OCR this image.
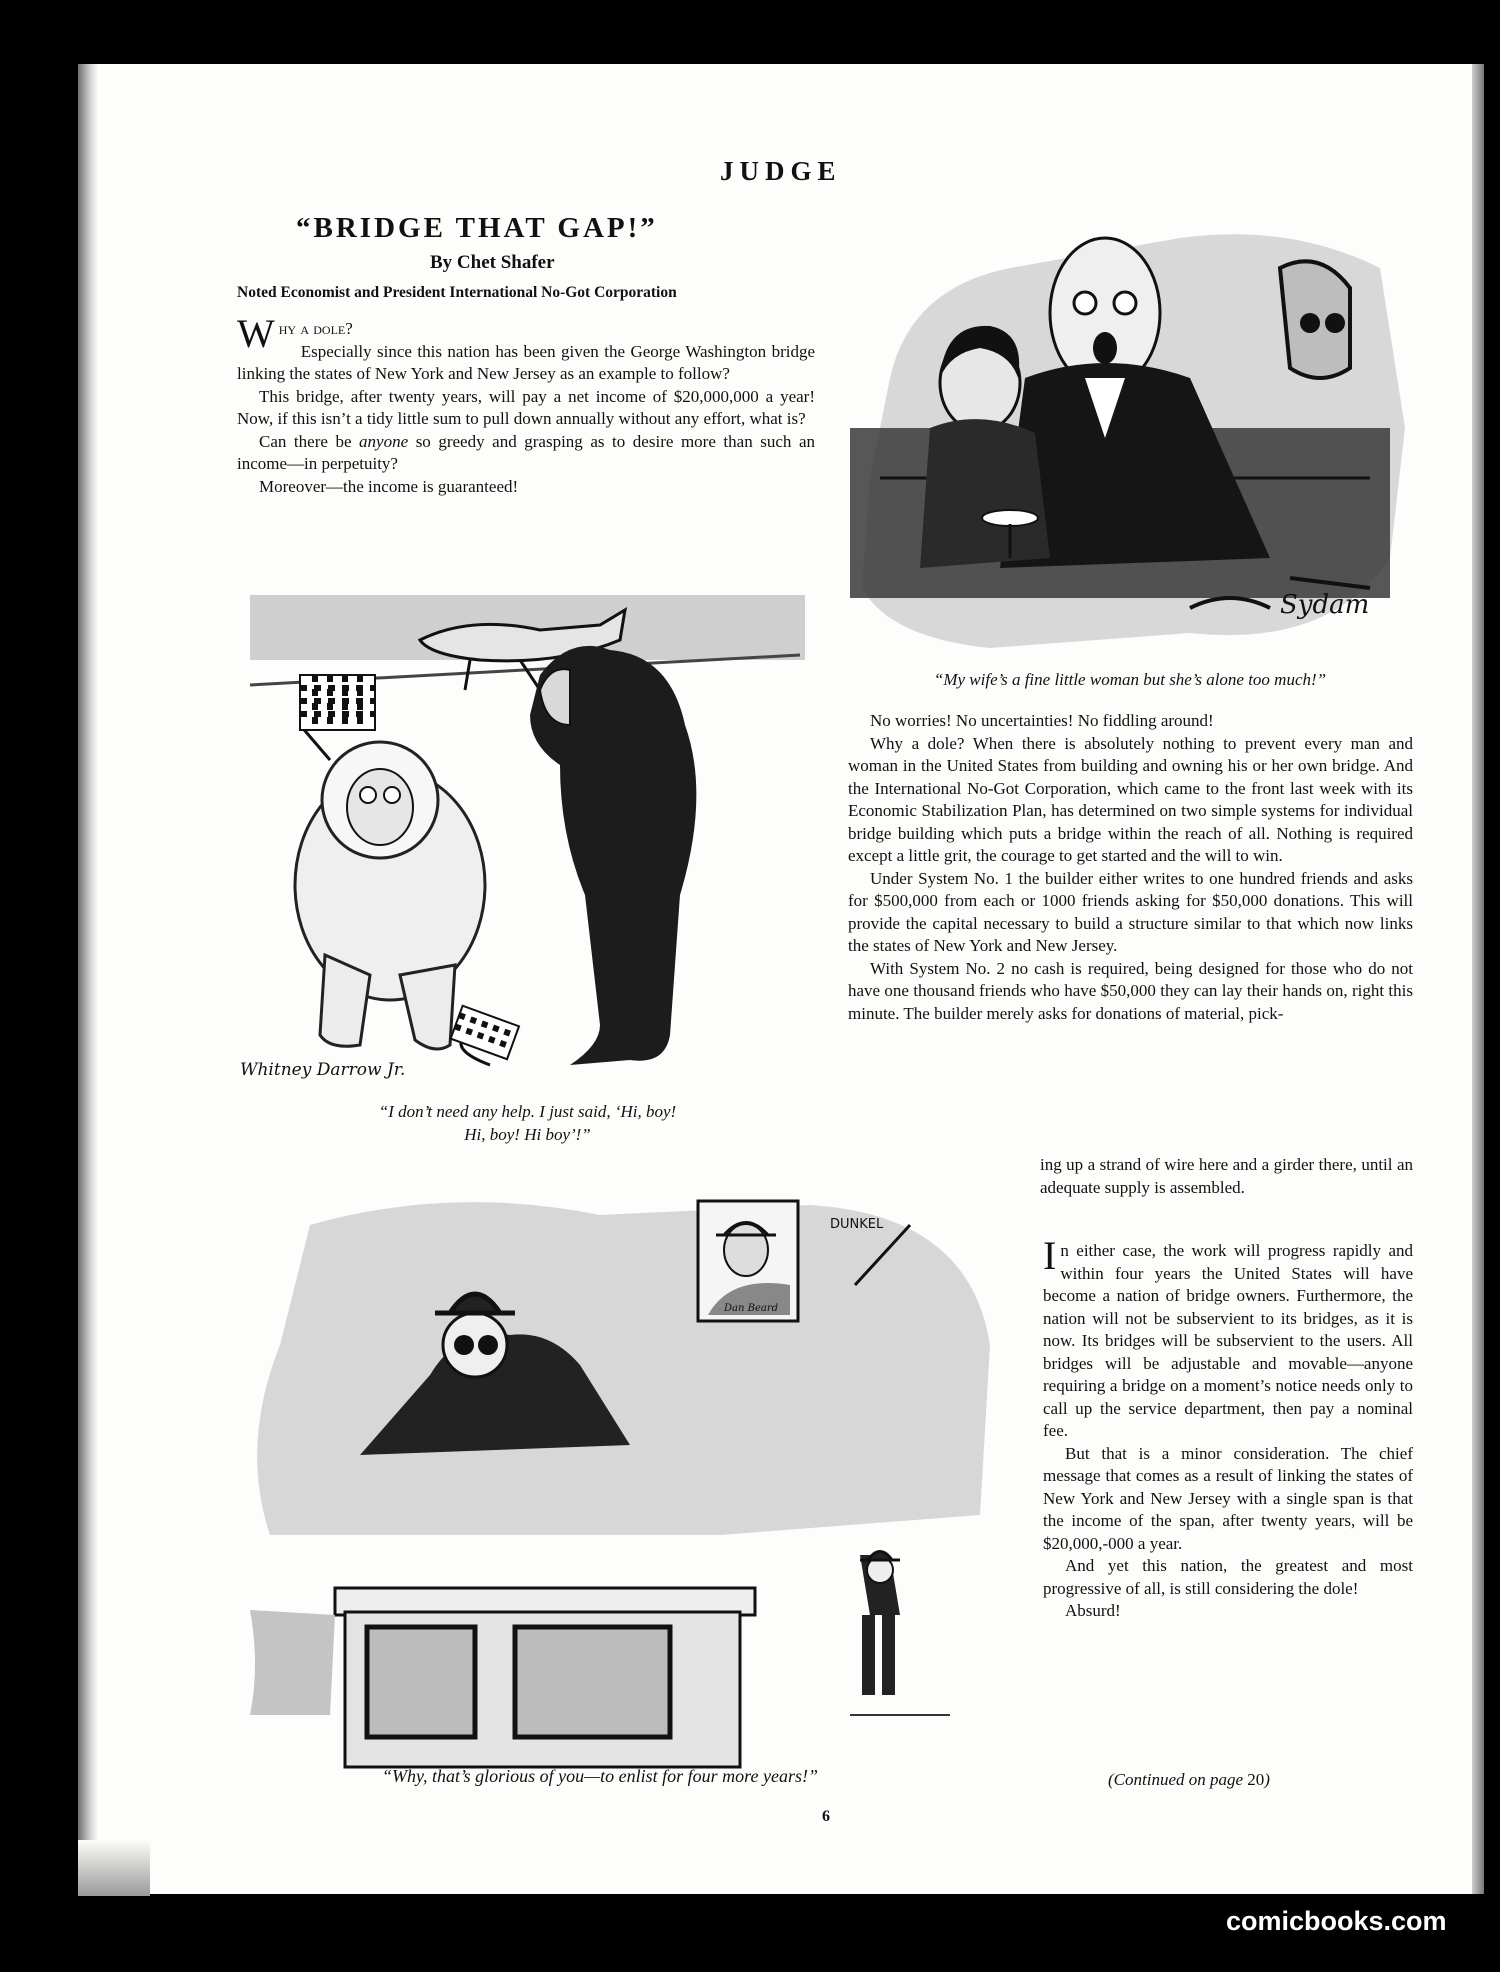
JUDGE
“BRIDGE THAT GAP!”
By Chet Shafer
Noted Economist and President International No-Got Corporation

Why a dole?

Especially since this nation has been given the George Washington bridge linking the states of New York and New Jersey as an example to follow?

This bridge, after twenty years, will pay a net income of $20,000,000 a year! Now, if this isn’t a tidy little sum to pull down annually without any effort, what is?

Can there be anyone so greedy and grasping as to desire more than such an income—in perpetuity?

Moreover—the income is guaranteed!

Sydam
“My wife’s a fine little woman but she’s alone too much!”

No worries! No uncertainties! No fiddling around!

Why a dole? When there is absolutely nothing to prevent every man and woman in the United States from building and owning his or her own bridge. And the International No-Got Corporation, which came to the front last week with its Economic Stabilization Plan, has determined on two simple systems for individual bridge building which puts a bridge within the reach of all. Nothing is required except a little grit, the courage to get started and the will to win.

Under System No. 1 the builder either writes to one hundred friends and asks for $500,000 from each or 1000 friends asking for $50,000 donations. This will provide the capital necessary to build a structure similar to that which now links the states of New York and New Jersey.

With System No. 2 no cash is required, being designed for those who do not have one thousand friends who have $50,000 they can lay their hands on, right this minute. The builder merely asks for donations of material, pick-

ing up a strand of wire here and a girder there, until an adequate supply is assembled.
Whitney Darrow Jr.
“I don’t need any help. I just said, ‘Hi, boy!
Hi, boy! Hi boy’!”
Dan Beard
DUNKEL
“Why, that’s glorious of you—to enlist for four more years!”

In either case, the work will progress rapidly and within four years the United States will have become a nation of bridge owners. Furthermore, the nation will not be subservient to its bridges, as it is now. Its bridges will be subservient to the users. All bridges will be adjustable and movable—anyone requiring a bridge on a moment’s notice needs only to call up the service department, then pay a nominal fee.

But that is a minor consideration. The chief message that comes as a result of linking the states of New York and New Jersey with a single span is that the income of the span, after twenty years, will be $20,000,-000 a year.

And yet this nation, the greatest and most progressive of all, is still considering the dole!

Absurd!

(Continued on page 20)
6
comicbooks.com
